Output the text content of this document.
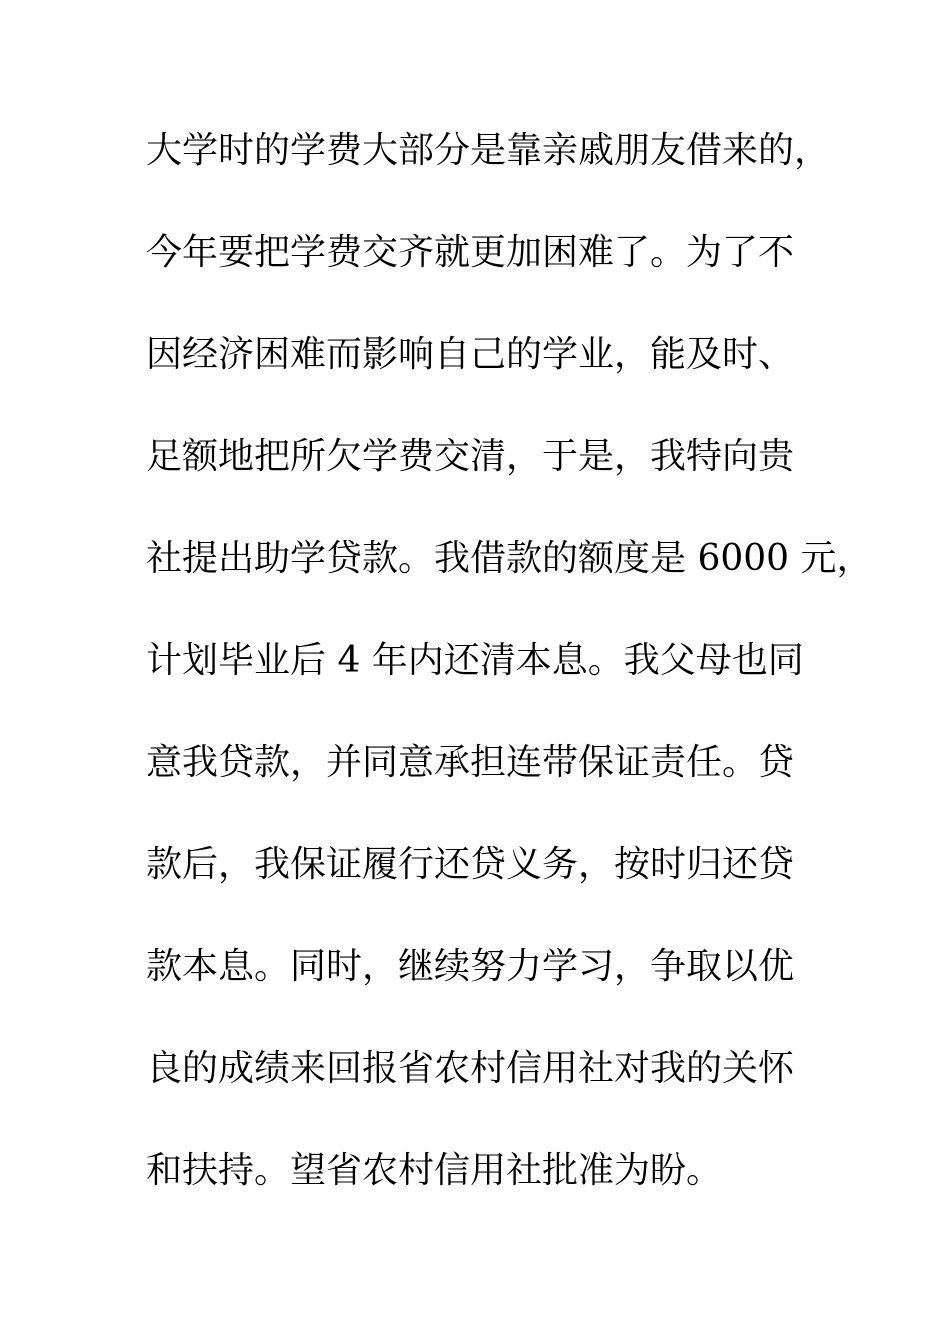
大学时的学费大部分是靠亲戚朋友借来的，
今年要把学费交齐就更加困难了。为了不
因经济困难而影响自己的学业，能及时、
足额地把所欠学费交清，于是，我特向贵
社提出助学贷款。我借款的额度是 6000 元，
计划毕业后 4 年内还清本息。我父母也同
意我贷款，并同意承担连带保证责任。贷
款后，我保证履行还贷义务，按时归还贷
款本息。同时，继续努力学习，争取以优
良的成绩来回报省农村信用社对我的关怀
和扶持。望省农村信用社批准为盼。
